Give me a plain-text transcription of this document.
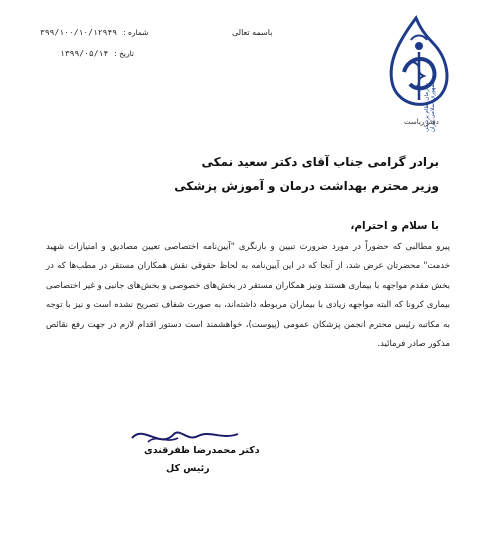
باسمه تعالی
شماره :
۳۹۹/۱۰۰/۱۰/۱۲۹۴۹
تاریخ :
۱۳۹۹/۰۵/۱۴
سازمان نظام پزشکی جمهوری اسلامی ایران
دفتر ریاست
برادر گرامی جناب آقای دکتر سعید نمکی
وزیر محترم بهداشت درمان و آموزش پزشکی
با سلام و احترام،
پیرو مطالبی که حضوراً در مورد ضرورت تبیین و بازنگری "آیین‌نامه اختصاصی تعیین مصادیق و امتیازات شهید خدمت" محضرتان عرض شد، از آنجا که در این آیین‌نامه به لحاظ حقوقی نقش همکاران مستقر در مطب‌ها که در بخش مقدم مواجهه با بیماری هستند ونیز همکاران مستقر در بخش‌های خصوصی و بخش‌های جانبی و غیر اختصاصی بیماری کرونا که البته مواجهه زیادی با بیماران مربوطه داشته‌اند، به صورت شفاف تصریح نشده است و نیز با توجه به مکاتبه رئیس محترم انجمن پزشکان عمومی (پیوست)، خواهشمند است دستور اقدام لازم در جهت رفع نقائص مذکور صادر فرمائید.
دکتر محمدرضا ظفرقندی
رئیس کل
